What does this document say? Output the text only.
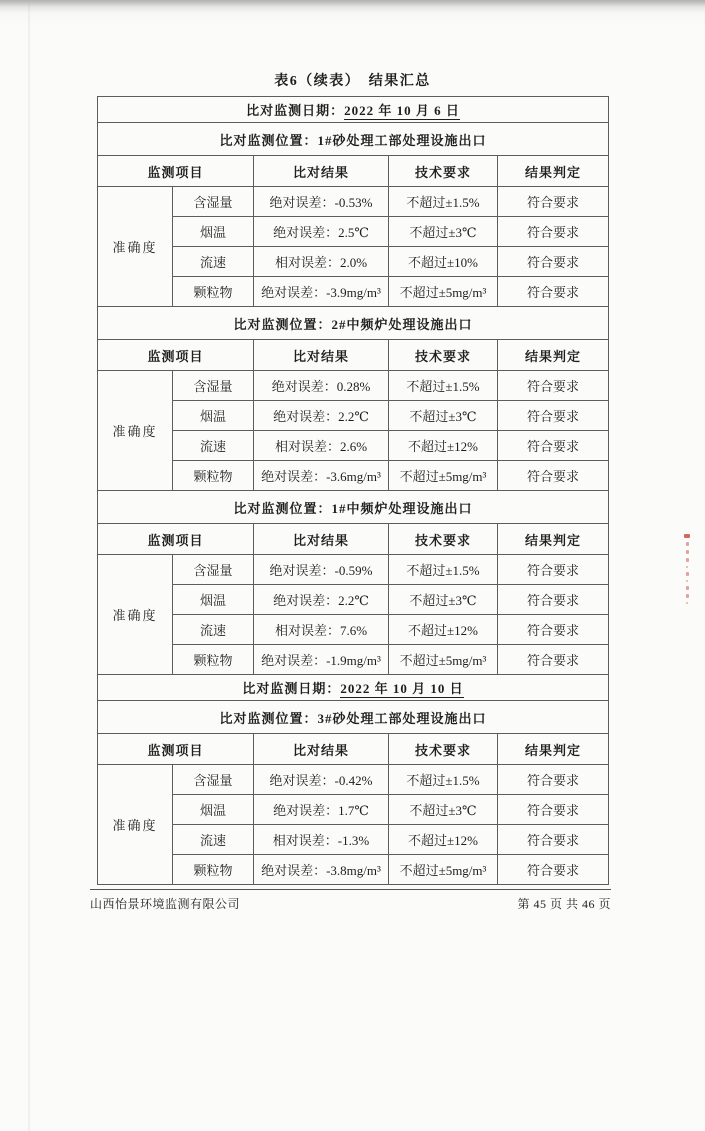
表6（续表）　结果汇总
比对监测日期：2022 年 10 月 6 日				
比对监测位置：1#砂处理工部处理设施出口				
监测项目		比对结果	技术要求	结果判定
准确度	含湿量	绝对误差：-0.53%	不超过±1.5%	符合要求
	烟温	绝对误差：2.5℃	不超过±3℃	符合要求
	流速	相对误差：2.0%	不超过±10%	符合要求
	颗粒物	绝对误差：-3.9mg/m³	不超过±5mg/m³	符合要求
比对监测位置：2#中频炉处理设施出口				
监测项目		比对结果	技术要求	结果判定
准确度	含湿量	绝对误差：0.28%	不超过±1.5%	符合要求
	烟温	绝对误差：2.2℃	不超过±3℃	符合要求
	流速	相对误差：2.6%	不超过±12%	符合要求
	颗粒物	绝对误差：-3.6mg/m³	不超过±5mg/m³	符合要求
比对监测位置：1#中频炉处理设施出口				
监测项目		比对结果	技术要求	结果判定
准确度	含湿量	绝对误差：-0.59%	不超过±1.5%	符合要求
	烟温	绝对误差：2.2℃	不超过±3℃	符合要求
	流速	相对误差：7.6%	不超过±12%	符合要求
	颗粒物	绝对误差：-1.9mg/m³	不超过±5mg/m³	符合要求
比对监测日期：2022 年 10 月 10 日				
比对监测位置：3#砂处理工部处理设施出口				
监测项目		比对结果	技术要求	结果判定
准确度	含湿量	绝对误差：-0.42%	不超过±1.5%	符合要求
	烟温	绝对误差：1.7℃	不超过±3℃	符合要求
	流速	相对误差：-1.3%	不超过±12%	符合要求
	颗粒物	绝对误差：-3.8mg/m³	不超过±5mg/m³	符合要求
山西怡景环境监测有限公司	第 45 页 共 46 页
